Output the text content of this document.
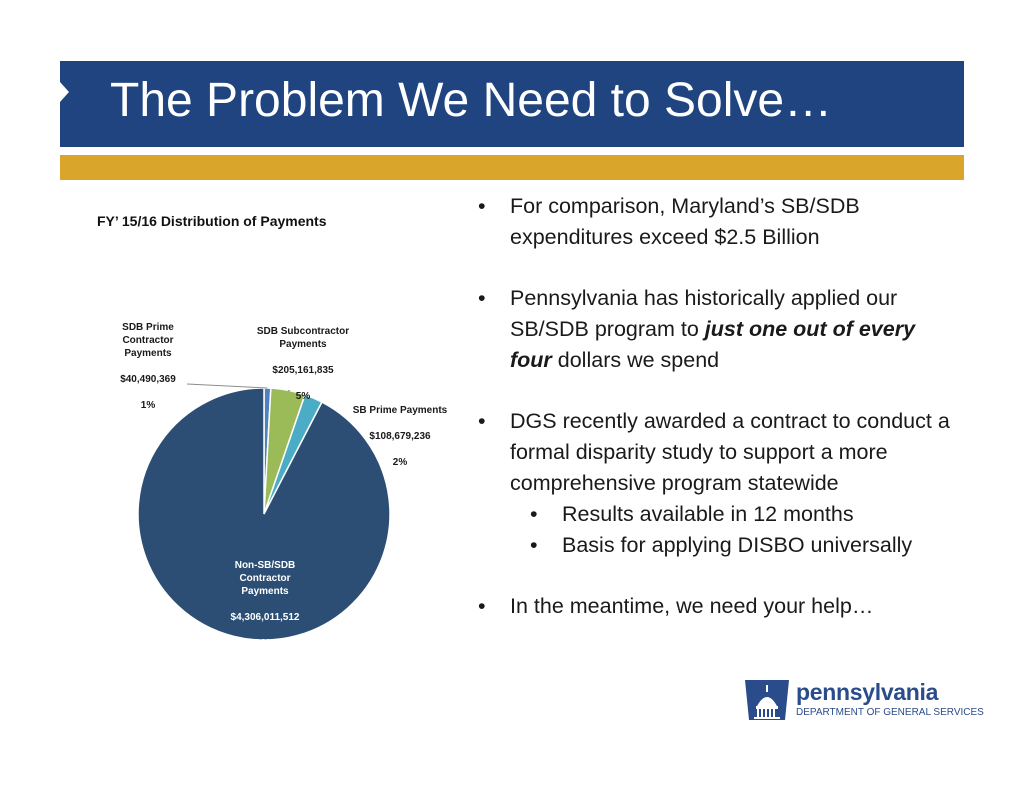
The Problem We Need to Solve…
FY’ 15/16 Distribution of Payments

SDB Prime
Contractor
Payments

$40,490,369

1%

SDB Subcontractor
Payments

$205,161,835

5%

SB Prime Payments

$108,679,236

2%

Non-SB/SDB
Contractor
Payments

$4,306,011,512

92%

• For comparison, Maryland’s SB/SDB expenditures exceed $2.5 Billion
• Pennsylvania has historically applied our SB/SDB program to just one out of every four dollars we spend
• DGS recently awarded a contract to conduct a formal disparity study to support a more comprehensive program statewide
• Results available in 12 months
• Basis for applying DISBO universally
• In the meantime, we need your help…
pennsylvania
DEPARTMENT OF GENERAL SERVICES
